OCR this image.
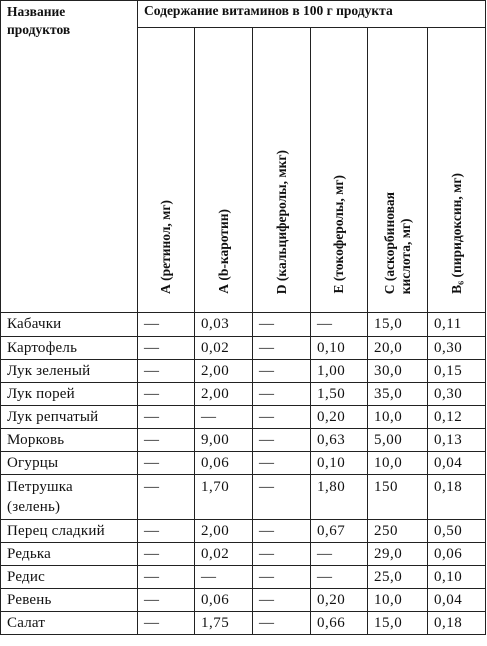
Название
продуктов	Содержание витаминов в 100 г продукта					
	А (ретинол, мг)	А (b-каротин)	D (кальциферолы, мкг)	Е (токоферолы, мг)	С (аскорбиновая
кислота, мг)	В₆ (пиридоксин, мг)
Кабачки	—	0,03	—	—	15,0	0,11
Картофель	—	0,02	—	0,10	20,0	0,30
Лук зеленый	—	2,00	—	1,00	30,0	0,15
Лук порей	—	2,00	—	1,50	35,0	0,30
Лук репчатый	—	—	—	0,20	10,0	0,12
Морковь	—	9,00	—	0,63	5,00	0,13
Огурцы	—	0,06	—	0,10	10,0	0,04
Петрушка
(зелень)	—	1,70	—	1,80	150	0,18
Перец сладкий	—	2,00	—	0,67	250	0,50
Редька	—	0,02	—	—	29,0	0,06
Редис	—	—	—	—	25,0	0,10
Ревень	—	0,06	—	0,20	10,0	0,04
Салат	—	1,75	—	0,66	15,0	0,18
